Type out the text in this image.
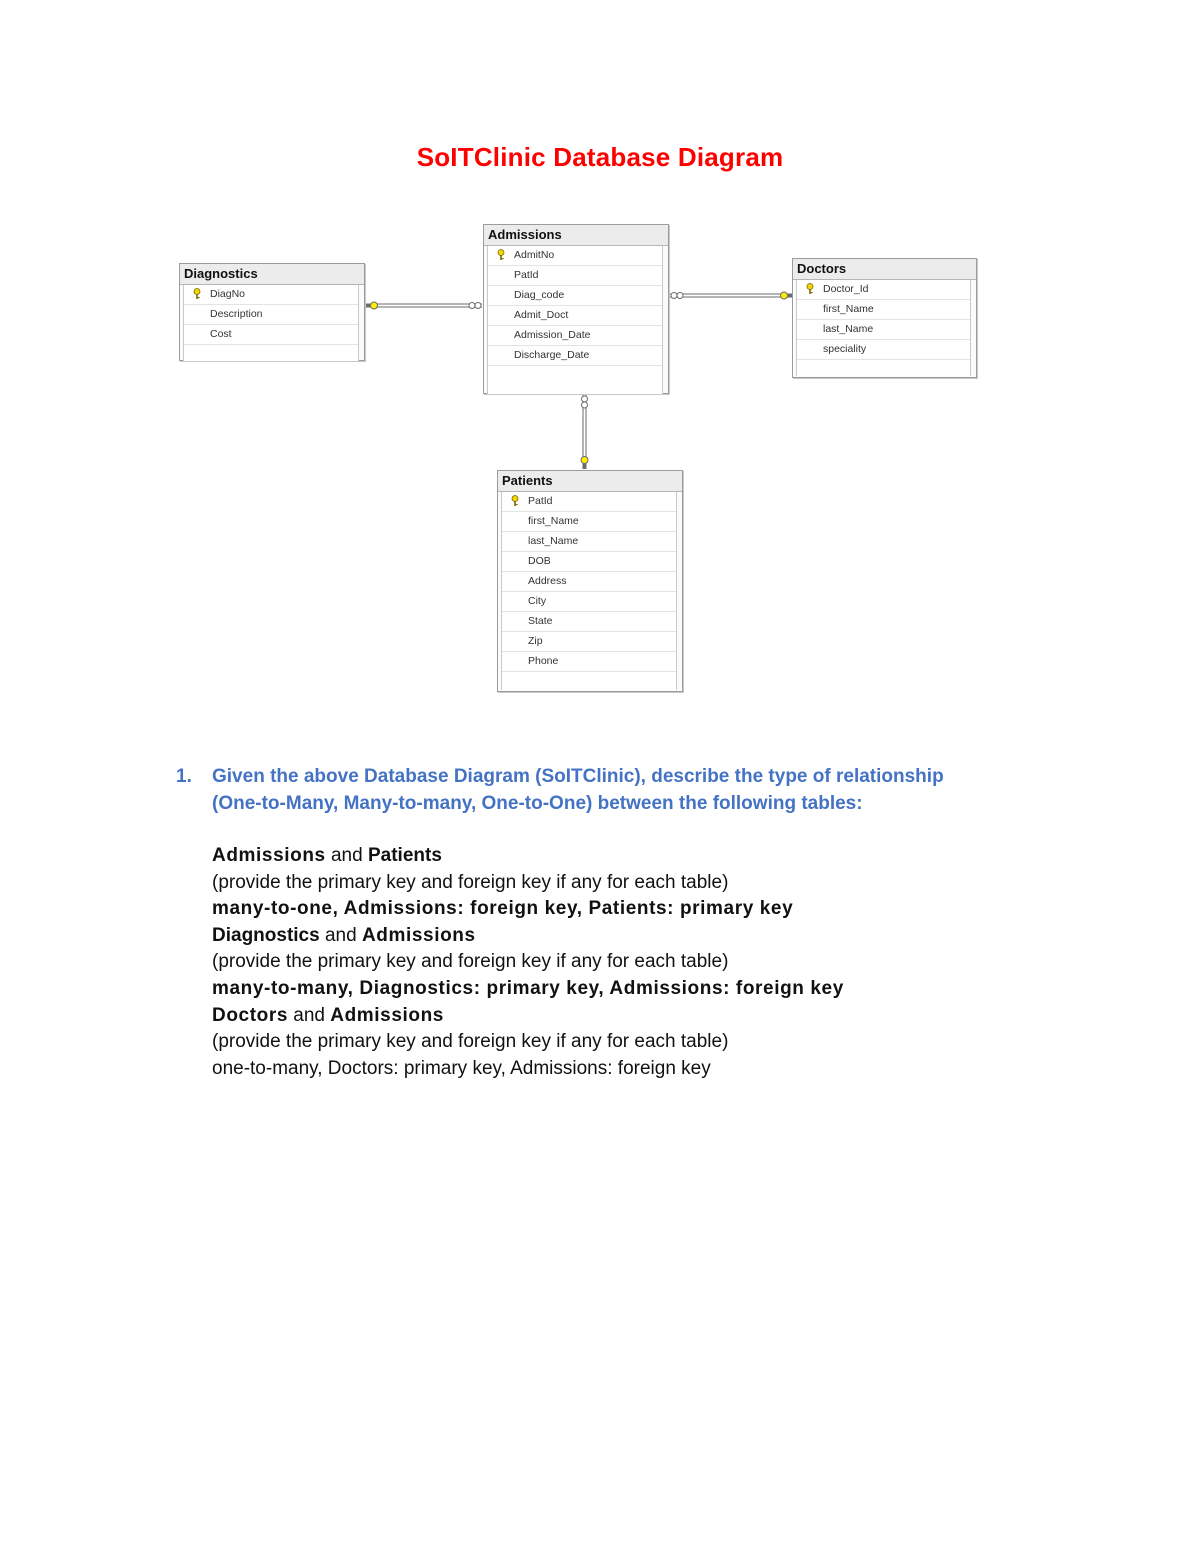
SoITClinic Database Diagram
Diagnostics
DiagNo
Description
Cost
Admissions
AdmitNo
PatId
Diag_code
Admit_Doct
Admission_Date
Discharge_Date
Doctors
Doctor_Id
first_Name
last_Name
speciality
Patients
PatId
first_Name
last_Name
DOB
Address
City
State
Zip
Phone
1. Given the above Database Diagram (SoITClinic), describe the type of relationship
(One-to-Many, Many-to-many, One-to-One) between the following tables:
Admissions and Patients
(provide the primary key and foreign key if any for each table)
many-to-one, Admissions: foreign key, Patients: primary key
Diagnostics and Admissions
(provide the primary key and foreign key if any for each table)
many-to-many, Diagnostics: primary key, Admissions: foreign key
Doctors and Admissions
(provide the primary key and foreign key if any for each table)
one-to-many, Doctors: primary key, Admissions: foreign key
